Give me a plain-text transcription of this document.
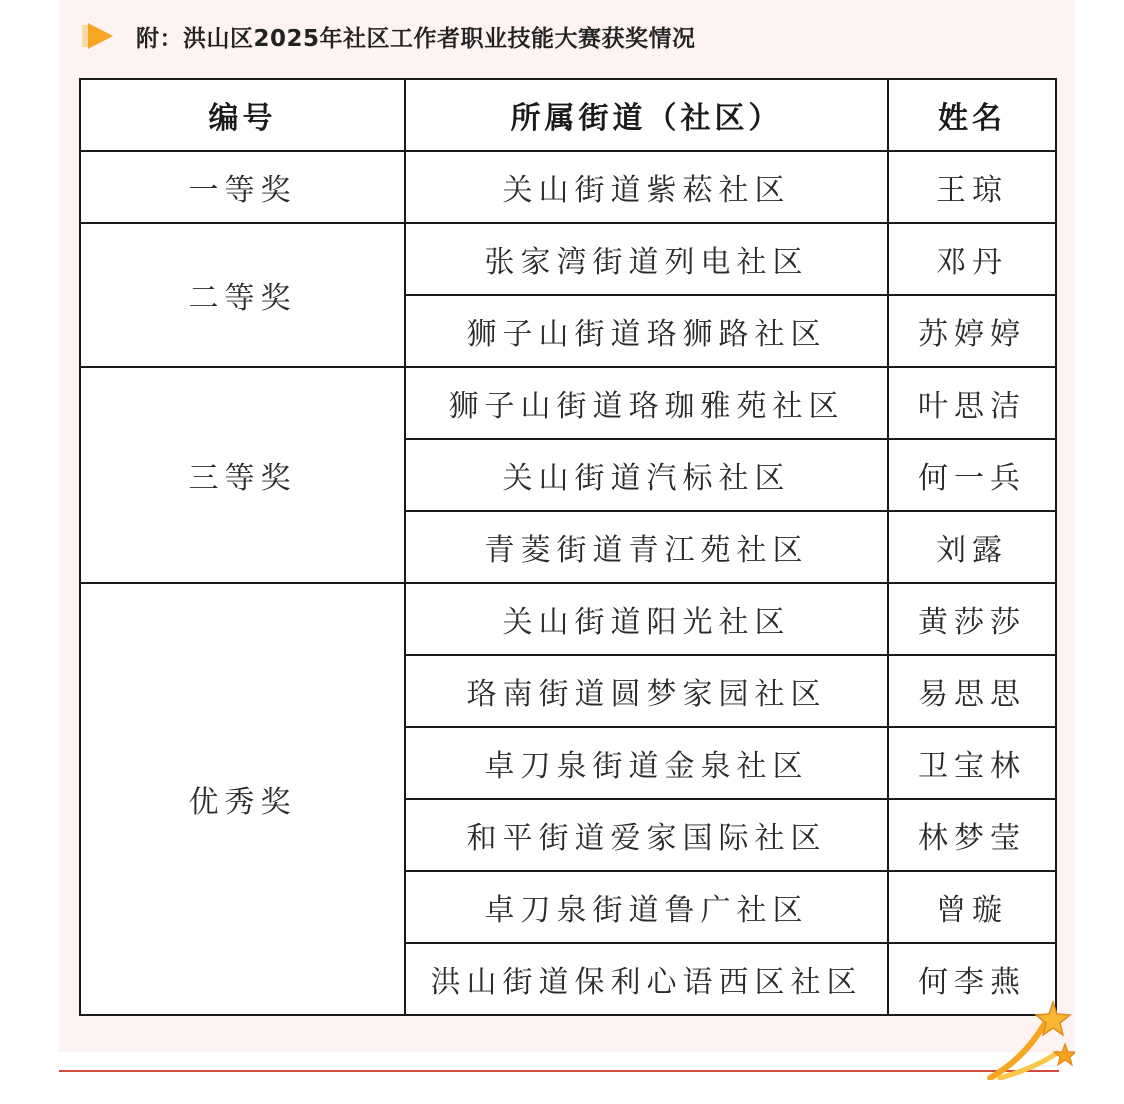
附：洪山区2025年社区工作者职业技能大赛获奖情况
编号	所属街道（社区）	姓名
一等奖	关山街道紫菘社区	王琼
二等奖	张家湾街道列电社区	邓丹
	狮子山街道珞狮路社区	苏婷婷
三等奖	狮子山街道珞珈雅苑社区	叶思洁
	关山街道汽标社区	何一兵
	青菱街道青江苑社区	刘露
优秀奖	关山街道阳光社区	黄莎莎
	珞南街道圆梦家园社区	易思思
	卓刀泉街道金泉社区	卫宝林
	和平街道爱家国际社区	林梦莹
	卓刀泉街道鲁广社区	曾璇
	洪山街道保利心语西区社区	何李燕
